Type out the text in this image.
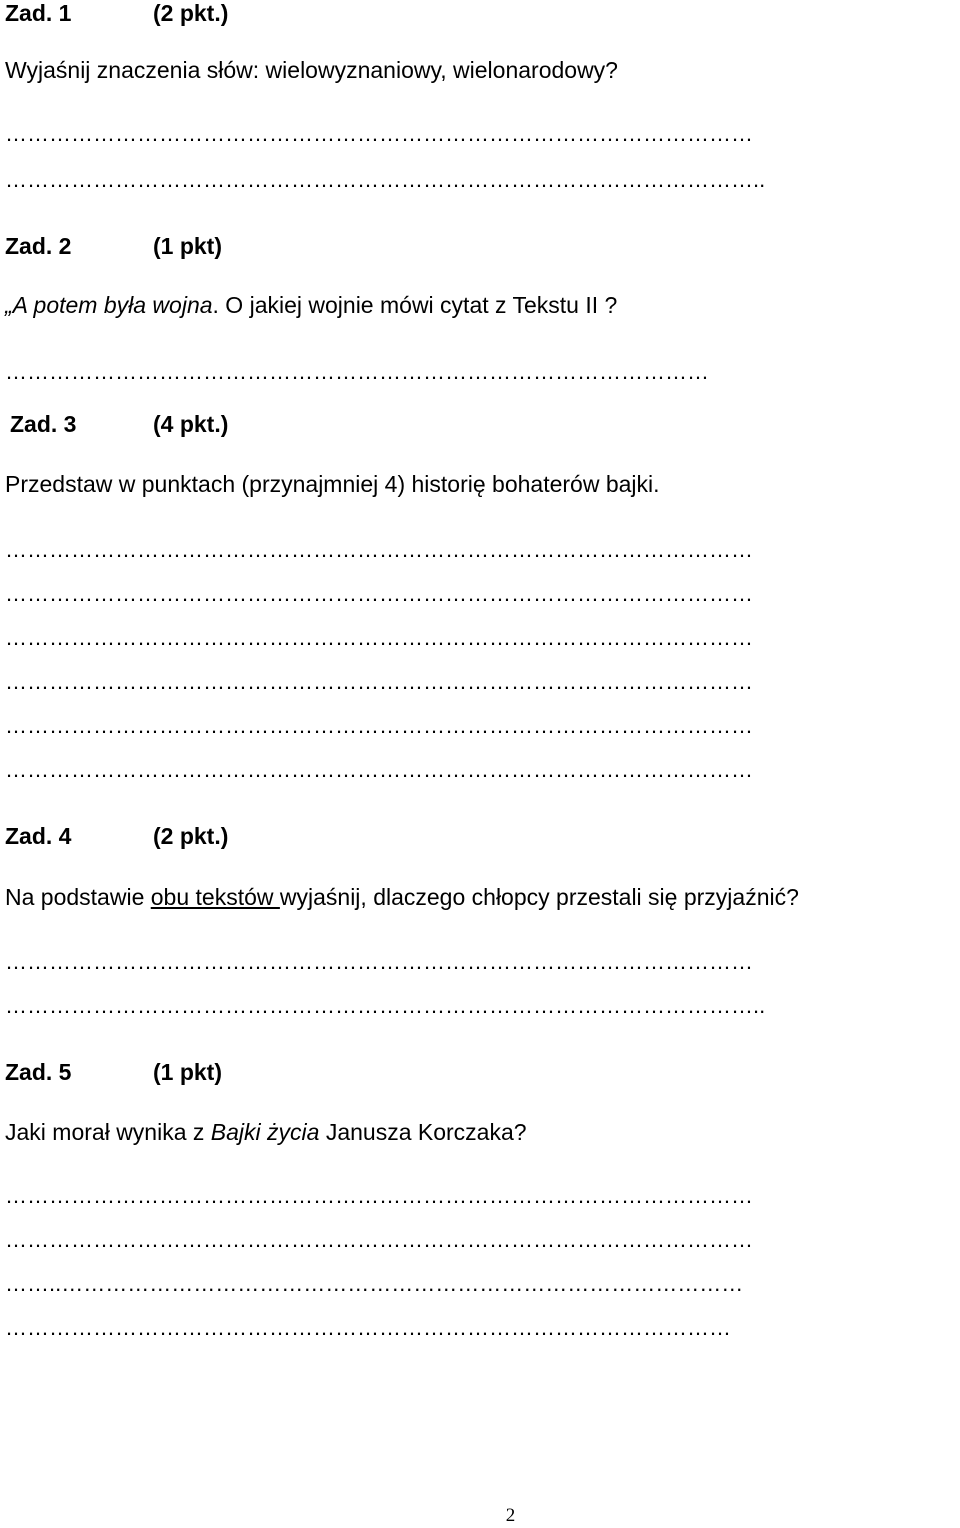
Zad. 1	(2 pkt.)
Wyjaśnij znaczenia słów: wielowyznaniowy, wielonarodowy?
…………………………………………………………………………………………
…………………………………………………………………………………………..
Zad. 2	(1 pkt)
„A potem była wojna. O jakiej wojnie mówi cytat z Tekstu II ?
……………………………………………………………………………………
Zad. 3	(4 pkt.)
Przedstaw w punktach (przynajmniej 4) historię bohaterów bajki.
…………………………………………………………………………………………
…………………………………………………………………………………………
…………………………………………………………………………………………
…………………………………………………………………………………………
…………………………………………………………………………………………
…………………………………………………………………………………………
Zad. 4	(2 pkt.)
Na podstawie obu tekstów wyjaśnij, dlaczego chłopcy przestali się przyjaźnić?
…………………………………………………………………………………………
…………………………………………………………………………………………..
Zad. 5	(1 pkt)
Jaki morał wynika z Bajki życia Janusza Korczaka?
…………………………………………………………………………………………
…………………………………………………………………………………………
……..…………………………………………………………………………………
………………………………………………………………………………………
2
